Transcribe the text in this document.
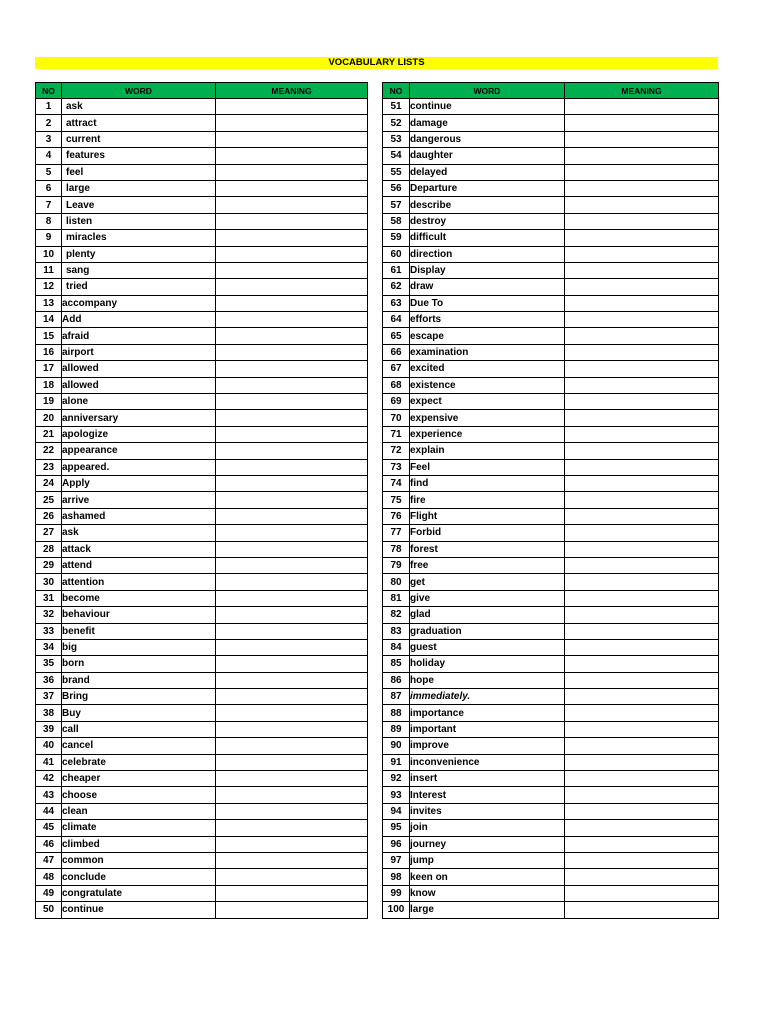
VOCABULARY LISTS
NO	WORD	MEANING
1	ask	
2	attract	
3	current	
4	features	
5	feel	
6	large	
7	Leave	
8	listen	
9	miracles	
10	plenty	
11	sang	
12	tried	
13	accompany	
14	Add	
15	afraid	
16	airport	
17	allowed	
18	allowed	
19	alone	
20	anniversary	
21	apologize	
22	appearance	
23	appeared.	
24	Apply	
25	arrive	
26	ashamed	
27	ask	
28	attack	
29	attend	
30	attention	
31	become	
32	behaviour	
33	benefit	
34	big	
35	born	
36	brand	
37	Bring	
38	Buy	
39	call	
40	cancel	
41	celebrate	
42	cheaper	
43	choose	
44	clean	
45	climate	
46	climbed	
47	common	
48	conclude	
49	congratulate	
50	continue	
NO	WORD	MEANING
51	continue	
52	damage	
53	dangerous	
54	daughter	
55	delayed	
56	Departure	
57	describe	
58	destroy	
59	difficult	
60	direction	
61	Display	
62	draw	
63	Due To	
64	efforts	
65	escape	
66	examination	
67	excited	
68	existence	
69	expect	
70	expensive	
71	experience	
72	explain	
73	Feel	
74	find	
75	fire	
76	Flight	
77	Forbid	
78	forest	
79	free	
80	get	
81	give	
82	glad	
83	graduation	
84	guest	
85	holiday	
86	hope	
87	immediately.	
88	importance	
89	important	
90	improve	
91	inconvenience	
92	insert	
93	Interest	
94	invites	
95	join	
96	journey	
97	jump	
98	keen on	
99	know	
100	large	
